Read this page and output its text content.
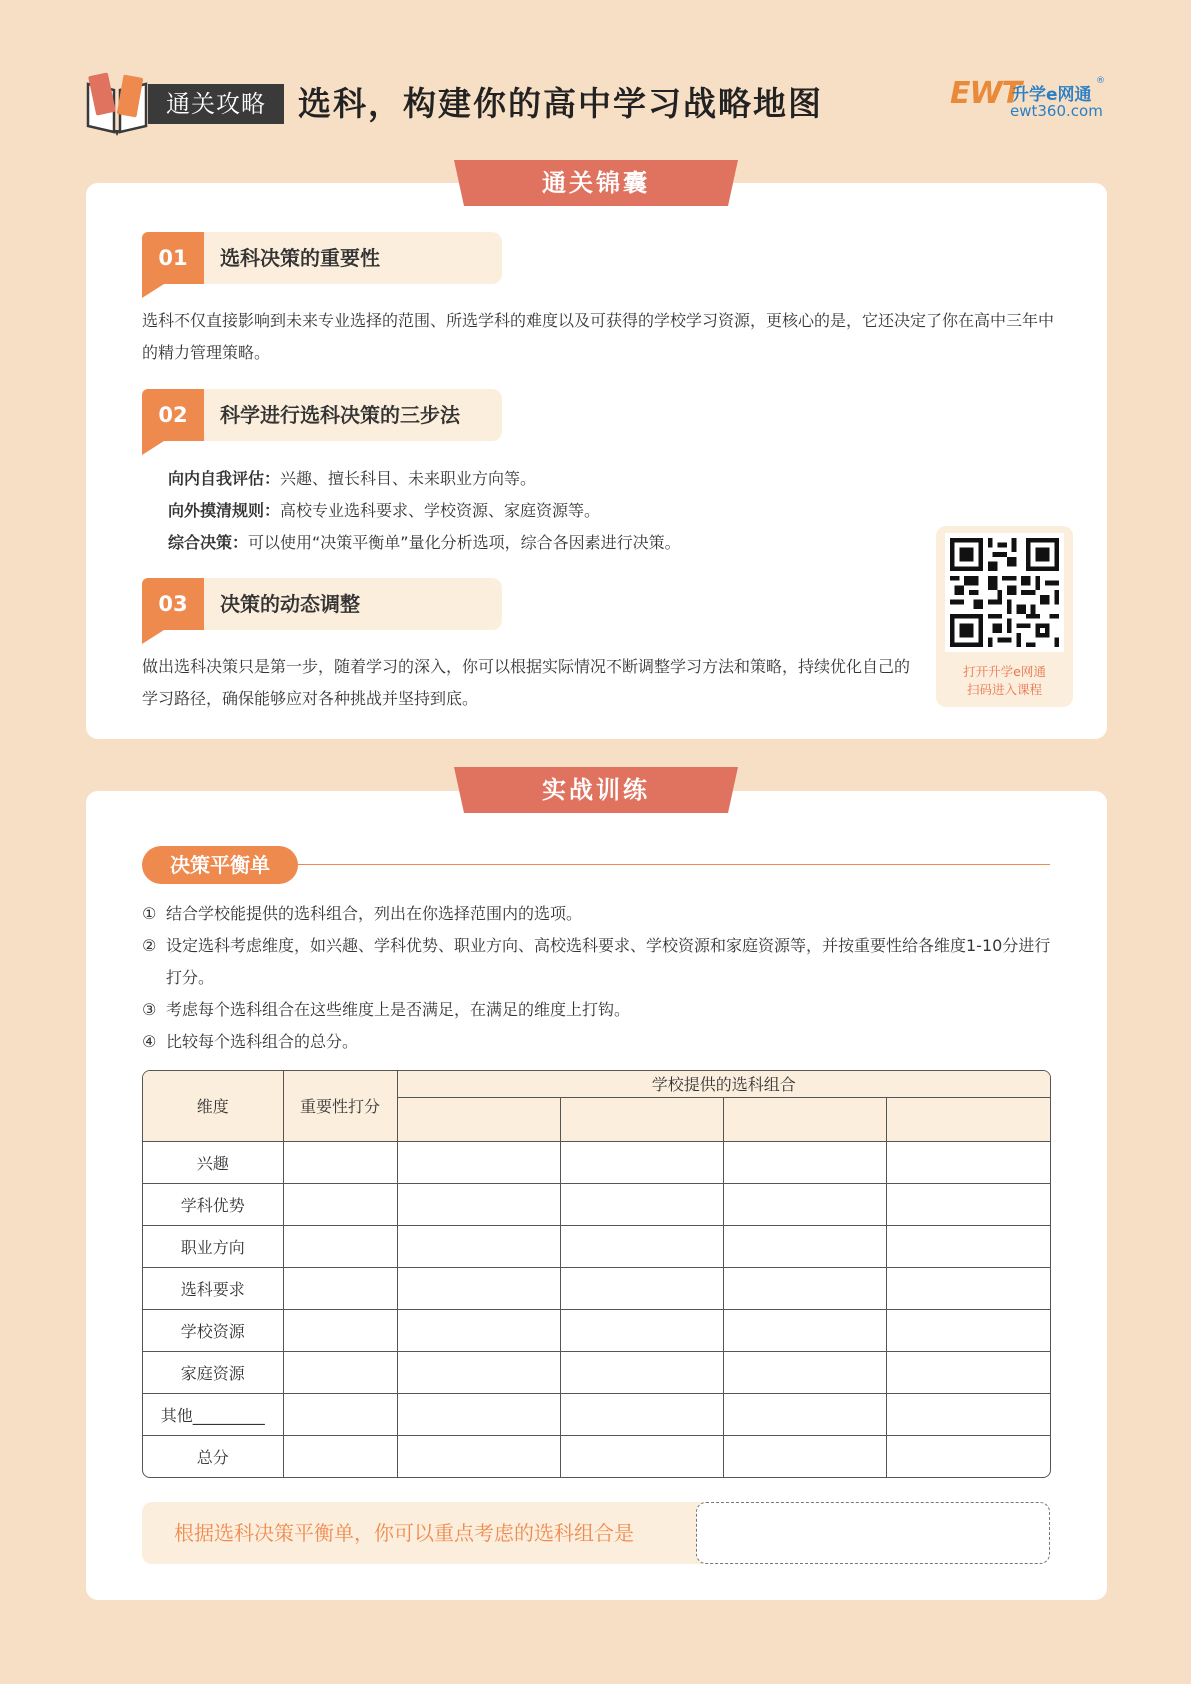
通关攻略 选科，构建你的高中学习战略地图	EWT
升学e网通
ewt360.com
®
通关锦囊
01	选科决策的重要性
选科不仅直接影响到未来专业选择的范围、所选学科的难度以及可获得的学校学习资源，更核心的是，它还决定了你在高中三年中的精力管理策略。
02	科学进行选科决策的三步法
向内自我评估：兴趣、擅长科目、未来职业方向等。
向外摸清规则：高校专业选科要求、学校资源、家庭资源等。
综合决策：可以使用“决策平衡单”量化分析选项，综合各因素进行决策。
03	决策的动态调整
做出选科决策只是第一步，随着学习的深入，你可以根据实际情况不断调整学习方法和策略，持续优化自己的学习路径，确保能够应对各种挑战并坚持到底。
打开升学e网通
扫码进入课程
实战训练
决策平衡单
① 结合学校能提供的选科组合，列出在你选择范围内的选项。
② 设定选科考虑维度，如兴趣、学科优势、职业方向、高校选科要求、学校资源和家庭资源等，并按重要性给各维度1-10分进行打分。
③ 考虑每个选科组合在这些维度上是否满足，在满足的维度上打钩。
④ 比较每个选科组合的总分。
维度	重要性打分	学校提供的选科组合			

兴趣					
学科优势					
职业方向					
选科要求					
学校资源					
家庭资源					
其他_________					
总分					
根据选科决策平衡单，你可以重点考虑的选科组合是
